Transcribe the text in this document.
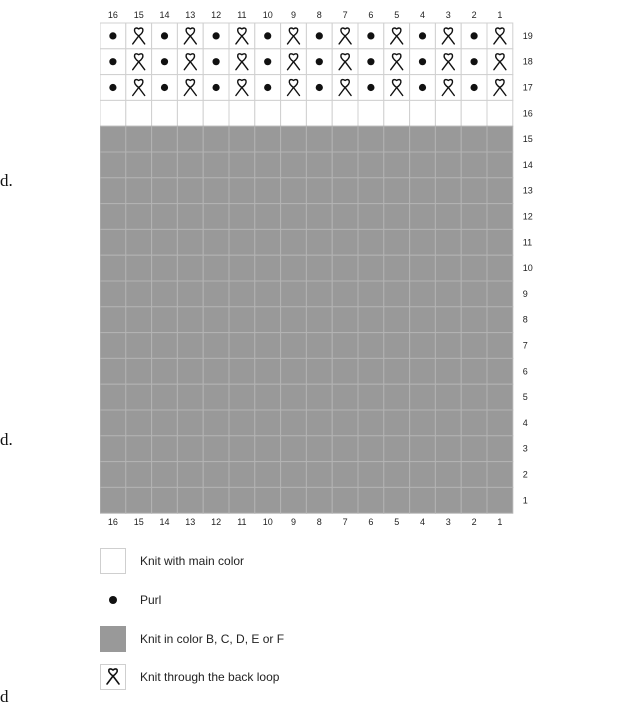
d.
d.
d
16
16
15
15
14
14
13
13
12
12
11
11
10
10
9
9
8
8
7
7
6
6
5
5
4
4
3
3
2
2
1
1
19
18
17
16
15
14
13
12
11
10
9
8
7
6
5
4
3
2
1
Knit with main color
Purl
Knit in color B, C, D, E or F
Knit through the back loop
